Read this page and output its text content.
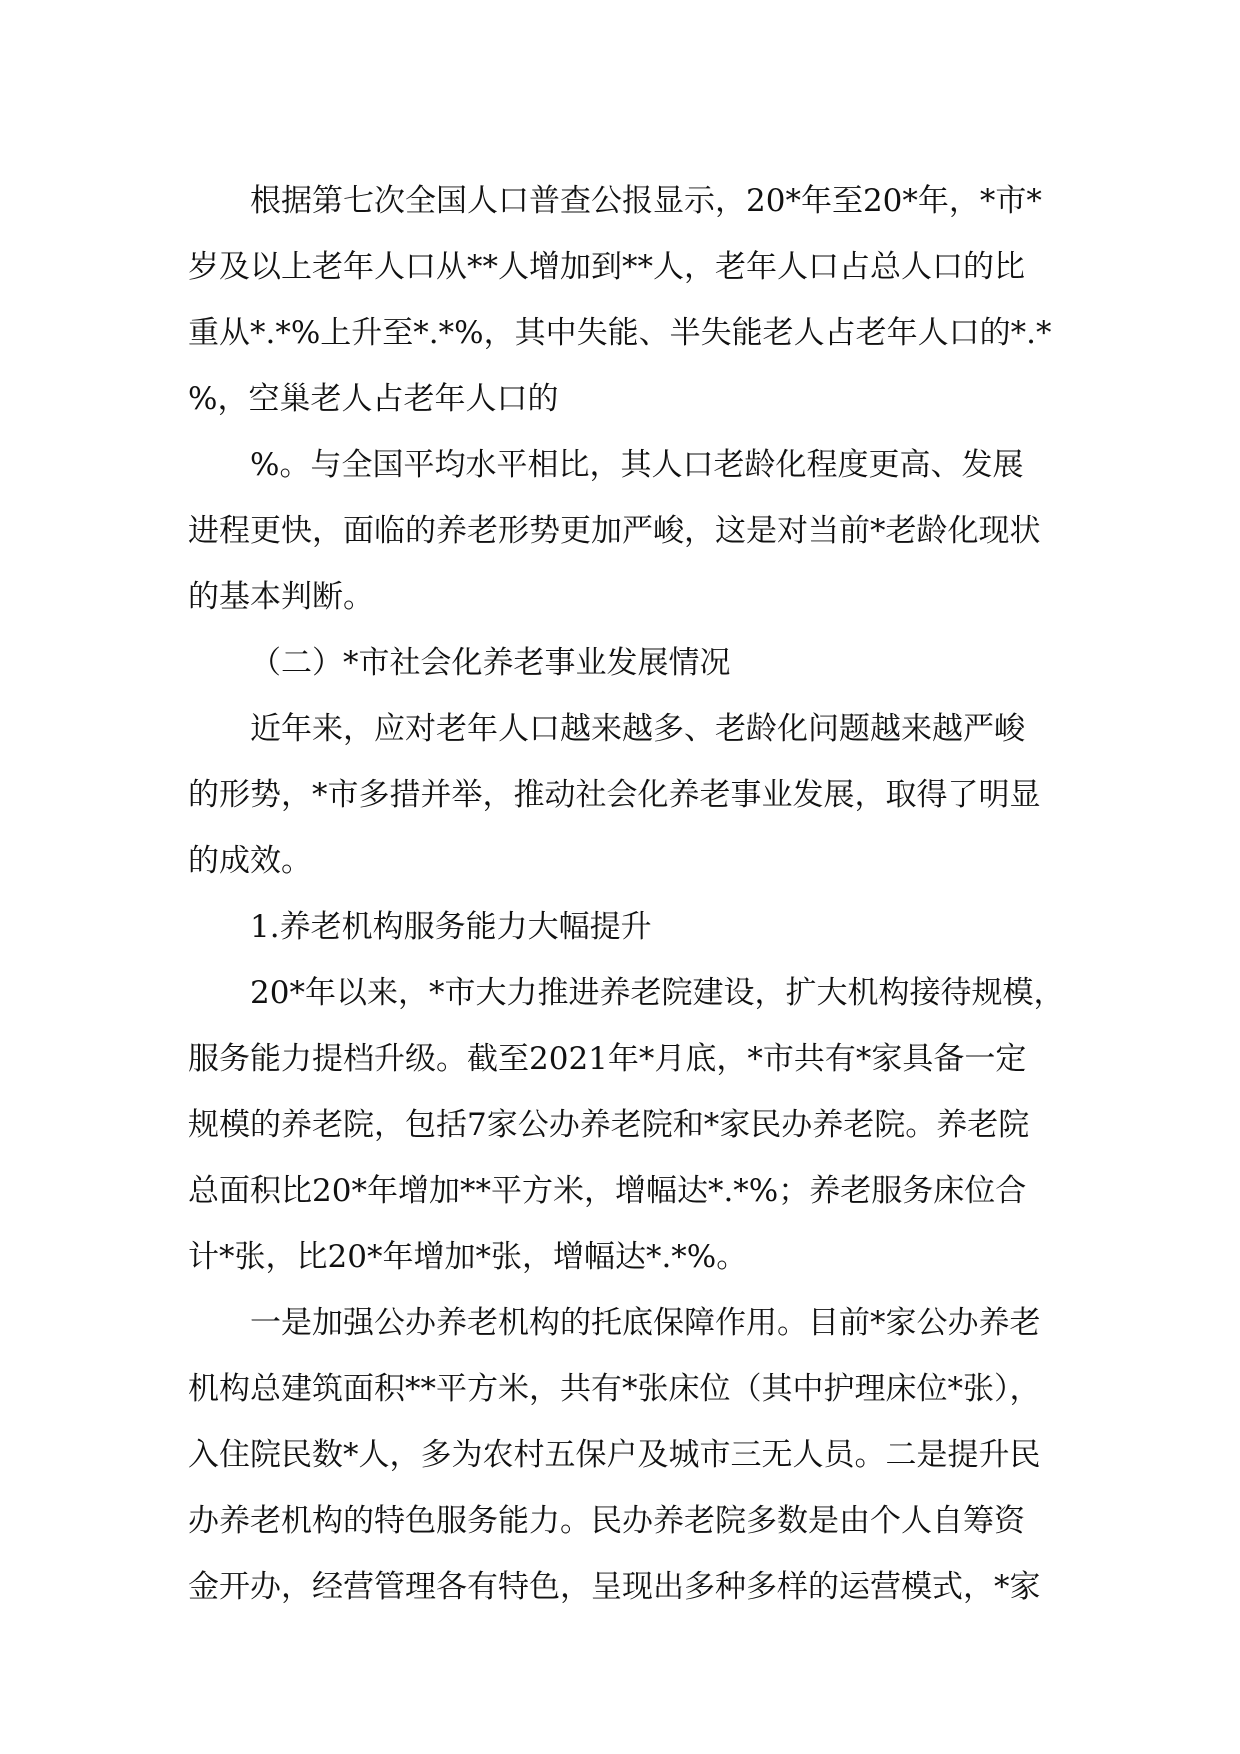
根据第七次全国人口普查公报显示，20*年至20*年，*市*
岁及以上老年人口从**人增加到**人，老年人口占总人口的比
重从*.*%上升至*.*%，其中失能、半失能老人占老年人口的*.*
%，空巢老人占老年人口的
%。与全国平均水平相比，其人口老龄化程度更高、发展
进程更快，面临的养老形势更加严峻，这是对当前*老龄化现状
的基本判断。
（二）*市社会化养老事业发展情况
近年来，应对老年人口越来越多、老龄化问题越来越严峻
的形势，*市多措并举，推动社会化养老事业发展，取得了明显
的成效。
1.养老机构服务能力大幅提升
20*年以来，*市大力推进养老院建设，扩大机构接待规模，
服务能力提档升级。截至2021年*月底，*市共有*家具备一定
规模的养老院，包括7家公办养老院和*家民办养老院。养老院
总面积比20*年增加**平方米，增幅达*.*%；养老服务床位合
计*张，比20*年增加*张，增幅达*.*%。
一是加强公办养老机构的托底保障作用。目前*家公办养老
机构总建筑面积**平方米，共有*张床位（其中护理床位*张），
入住院民数*人，多为农村五保户及城市三无人员。二是提升民
办养老机构的特色服务能力。民办养老院多数是由个人自筹资
金开办，经营管理各有特色，呈现出多种多样的运营模式，*家
